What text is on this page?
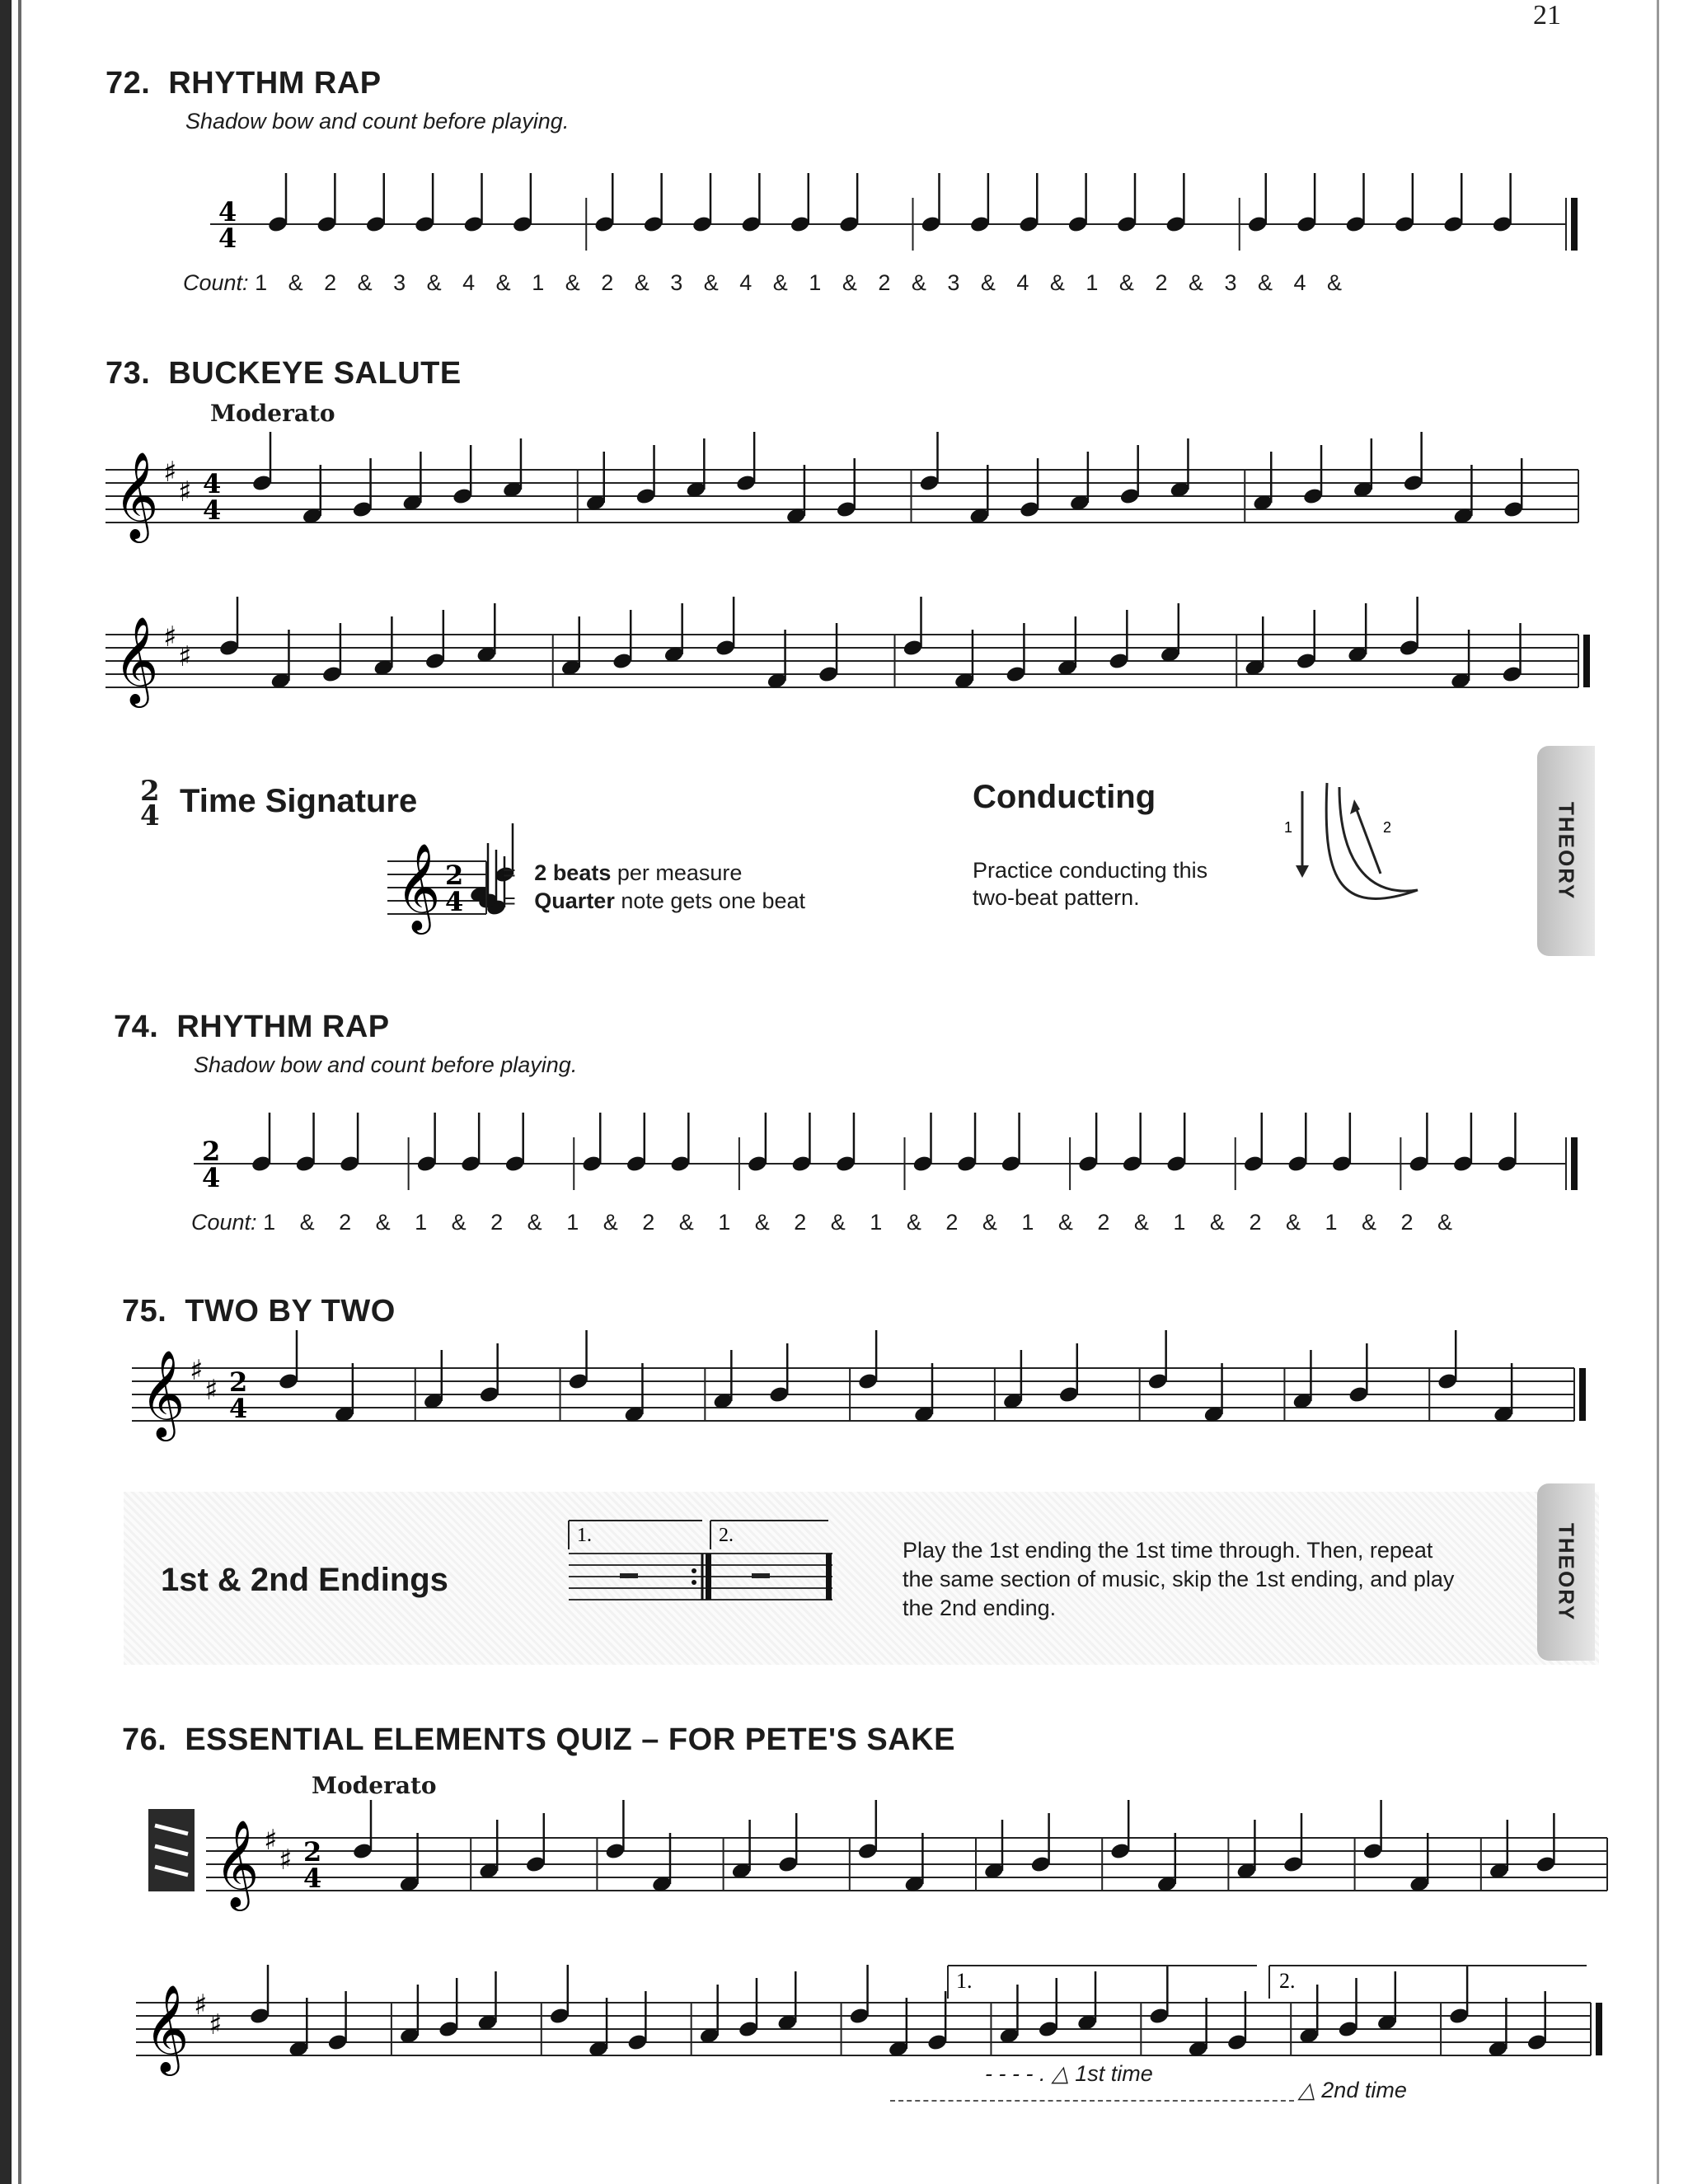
21
72. RHYTHM RAP
Shadow bow and count before playing.
4
4
Count: 1 & 2 & 3 & 4 & 1 & 2 & 3 & 4 & 1 & 2 & 3 & 4 & 1 & 2 & 3 & 4 &
73. BUCKEYE SALUTE
Moderato
𝄞 ♯
♯ 4
4
𝄞 ♯
♯
2
4 Time Signature
𝄞 2
4
= 2 beats per measure
= Quarter note gets one beat
Conducting
Practice conducting this
two-beat pattern.
1	2	THEORY
74. RHYTHM RAP
Shadow bow and count before playing.
2
4
Count: 1 & 2 & 1 & 2 & 1 & 2 & 1 & 2 & 1 & 2 & 1 & 2 & 1 & 2 & 1 & 2 &
75. TWO BY TWO
𝄞 ♯
♯ 2
4
1st & 2nd Endings
1.	2.
Play the 1st ending the 1st time through. Then, repeat
the same section of music, skip the 1st ending, and play
the 2nd ending.	THEORY
76. ESSENTIAL ELEMENTS QUIZ – FOR PETE'S SAKE
Moderato
𝄞 ♯
♯ 2
4
𝄞 ♯
♯
1.	2.
- - - - . △ 1st time
△ 2nd time
